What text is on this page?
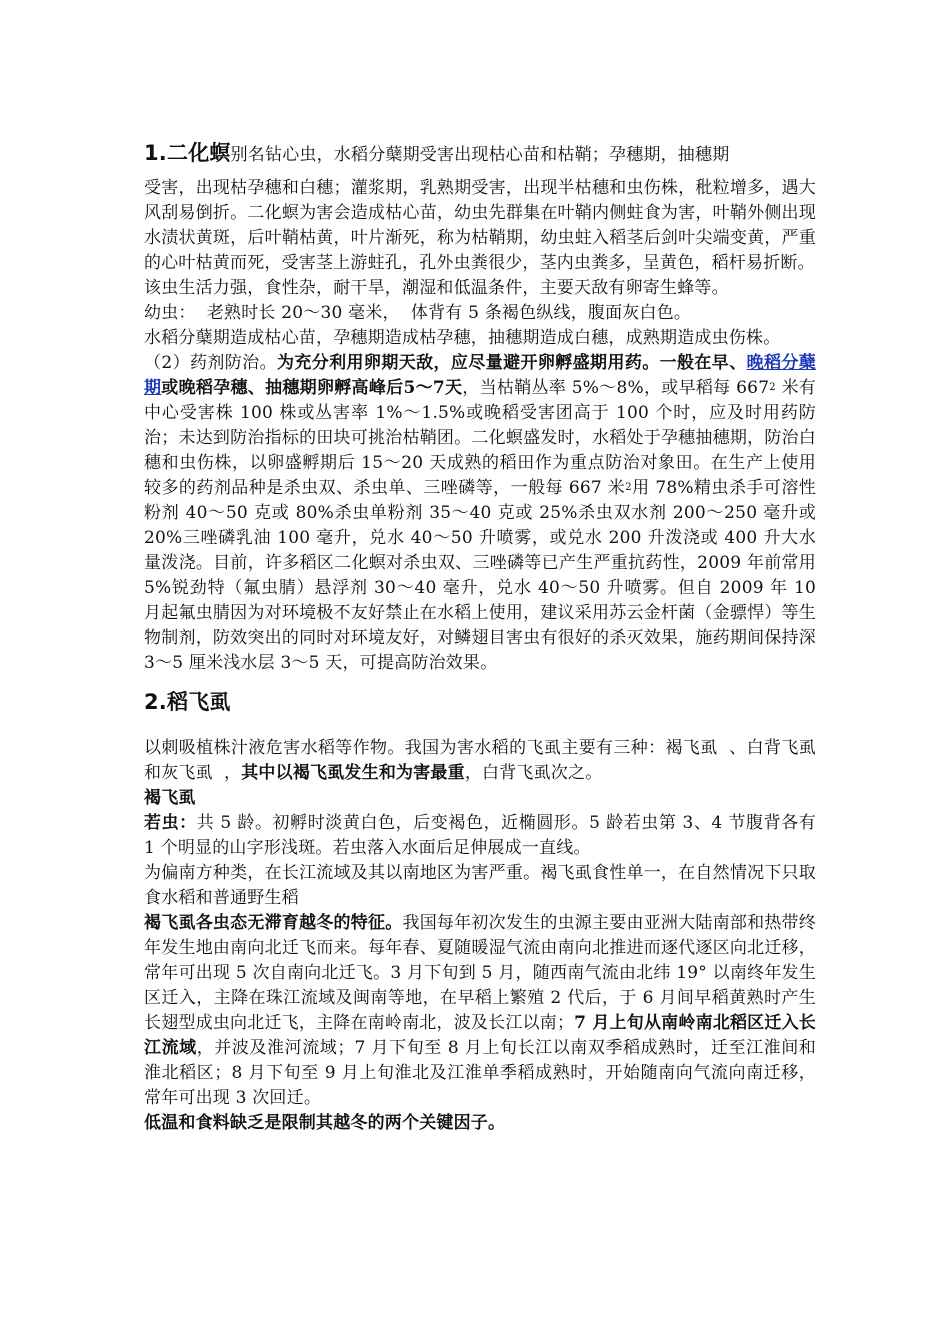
1.二化螟别名钻心虫，水稻分蘖期受害出现枯心苗和枯鞘；孕穗期，抽穗期

受害，出现枯孕穗和白穗；灌浆期，乳熟期受害，出现半枯穗和虫伤株，秕粒增多，遇大风刮易倒折。二化螟为害会造成枯心苗，幼虫先群集在叶鞘内侧蛀食为害，叶鞘外侧出现水渍状黄斑，后叶鞘枯黄，叶片渐死，称为枯鞘期，幼虫蛀入稻茎后剑叶尖端变黄，严重的心叶枯黄而死，受害茎上游蛀孔，孔外虫粪很少，茎内虫粪多，呈黄色，稻杆易折断。

该虫生活力强，食性杂，耐干旱，潮湿和低温条件，主要天敌有卵寄生蜂等。

幼虫：  老熟时长 20～30 毫米，  体背有 5 条褐色纵线，腹面灰白色。

水稻分蘖期造成枯心苗，孕穗期造成枯孕穗，抽穗期造成白穗，成熟期造成虫伤株。

（2）药剂防治。为充分利用卵期天敌，应尽量避开卵孵盛期用药。一般在早、晚稻分蘖期或晚稻孕穗、抽穗期卵孵高峰后5～7天，当枯鞘丛率 5%～8%，或早稻每 $667^2$ 米有中心受害株 100 株或丛害率 1%～1.5%或晚稻受害团高于 100 个时，应及时用药防治；未达到防治指标的田块可挑治枯鞘团。二化螟盛发时，水稻处于孕穗抽穗期，防治白穗和虫伤株，以卵盛孵期后 15～20 天成熟的稻田作为重点防治对象田。在生产上使用较多的药剂品种是杀虫双、杀虫单、三唑磷等，一般每 667 米$^2$用 78%精虫杀手可溶性粉剂 40～50 克或 80%杀虫单粉剂 35～40 克或 25%杀虫双水剂 200～250 毫升或 20%三唑磷乳油 100 毫升，兑水 40～50 升喷雾，或兑水 200 升泼浇或 400 升大水量泼浇。目前，许多稻区二化螟对杀虫双、三唑磷等已产生严重抗药性，2009 年前常用 5%锐劲特（氟虫腈）悬浮剂 30～40 毫升，兑水 40～50 升喷雾。但自 2009 年 10 月起氟虫腈因为对环境极不友好禁止在水稻上使用，建议采用苏云金杆菌（金骠悍）等生物制剂，防效突出的同时对环境友好，对鳞翅目害虫有很好的杀灭效果，施药期间保持深 3～5 厘米浅水层 3～5 天，可提高防治效果。

2.稻飞虱

以刺吸植株汁液危害水稻等作物。我国为害水稻的飞虱主要有三种：褐飞虱  、白背飞虱 和灰飞虱  ，其中以褐飞虱发生和为害最重，白背飞虱次之。

褐飞虱

若虫：共 5 龄。初孵时淡黄白色，后变褐色，近椭圆形。5 龄若虫第 3、4 节腹背各有 1 个明显的山字形浅斑。若虫落入水面后足伸展成一直线。

为偏南方种类，在长江流域及其以南地区为害严重。褐飞虱食性单一，在自然情况下只取食水稻和普通野生稻

褐飞虱各虫态无滞育越冬的特征。我国每年初次发生的虫源主要由亚洲大陆南部和热带终年发生地由南向北迁飞而来。每年春、夏随暖湿气流由南向北推进而逐代逐区向北迁移，常年可出现 5 次自南向北迁飞。3 月下旬到 5 月，随西南气流由北纬 19° 以南终年发生区迁入，主降在珠江流域及闽南等地，在早稻上繁殖 2 代后，于 6 月间早稻黄熟时产生长翅型成虫向北迁飞，主降在南岭南北，波及长江以南；7 月上旬从南岭南北稻区迁入长江流域，并波及淮河流域；7 月下旬至 8 月上旬长江以南双季稻成熟时，迁至江淮间和淮北稻区；8 月下旬至 9 月上旬淮北及江淮单季稻成熟时，开始随南向气流向南迁移，常年可出现 3 次回迁。

低温和食料缺乏是限制其越冬的两个关键因子。
